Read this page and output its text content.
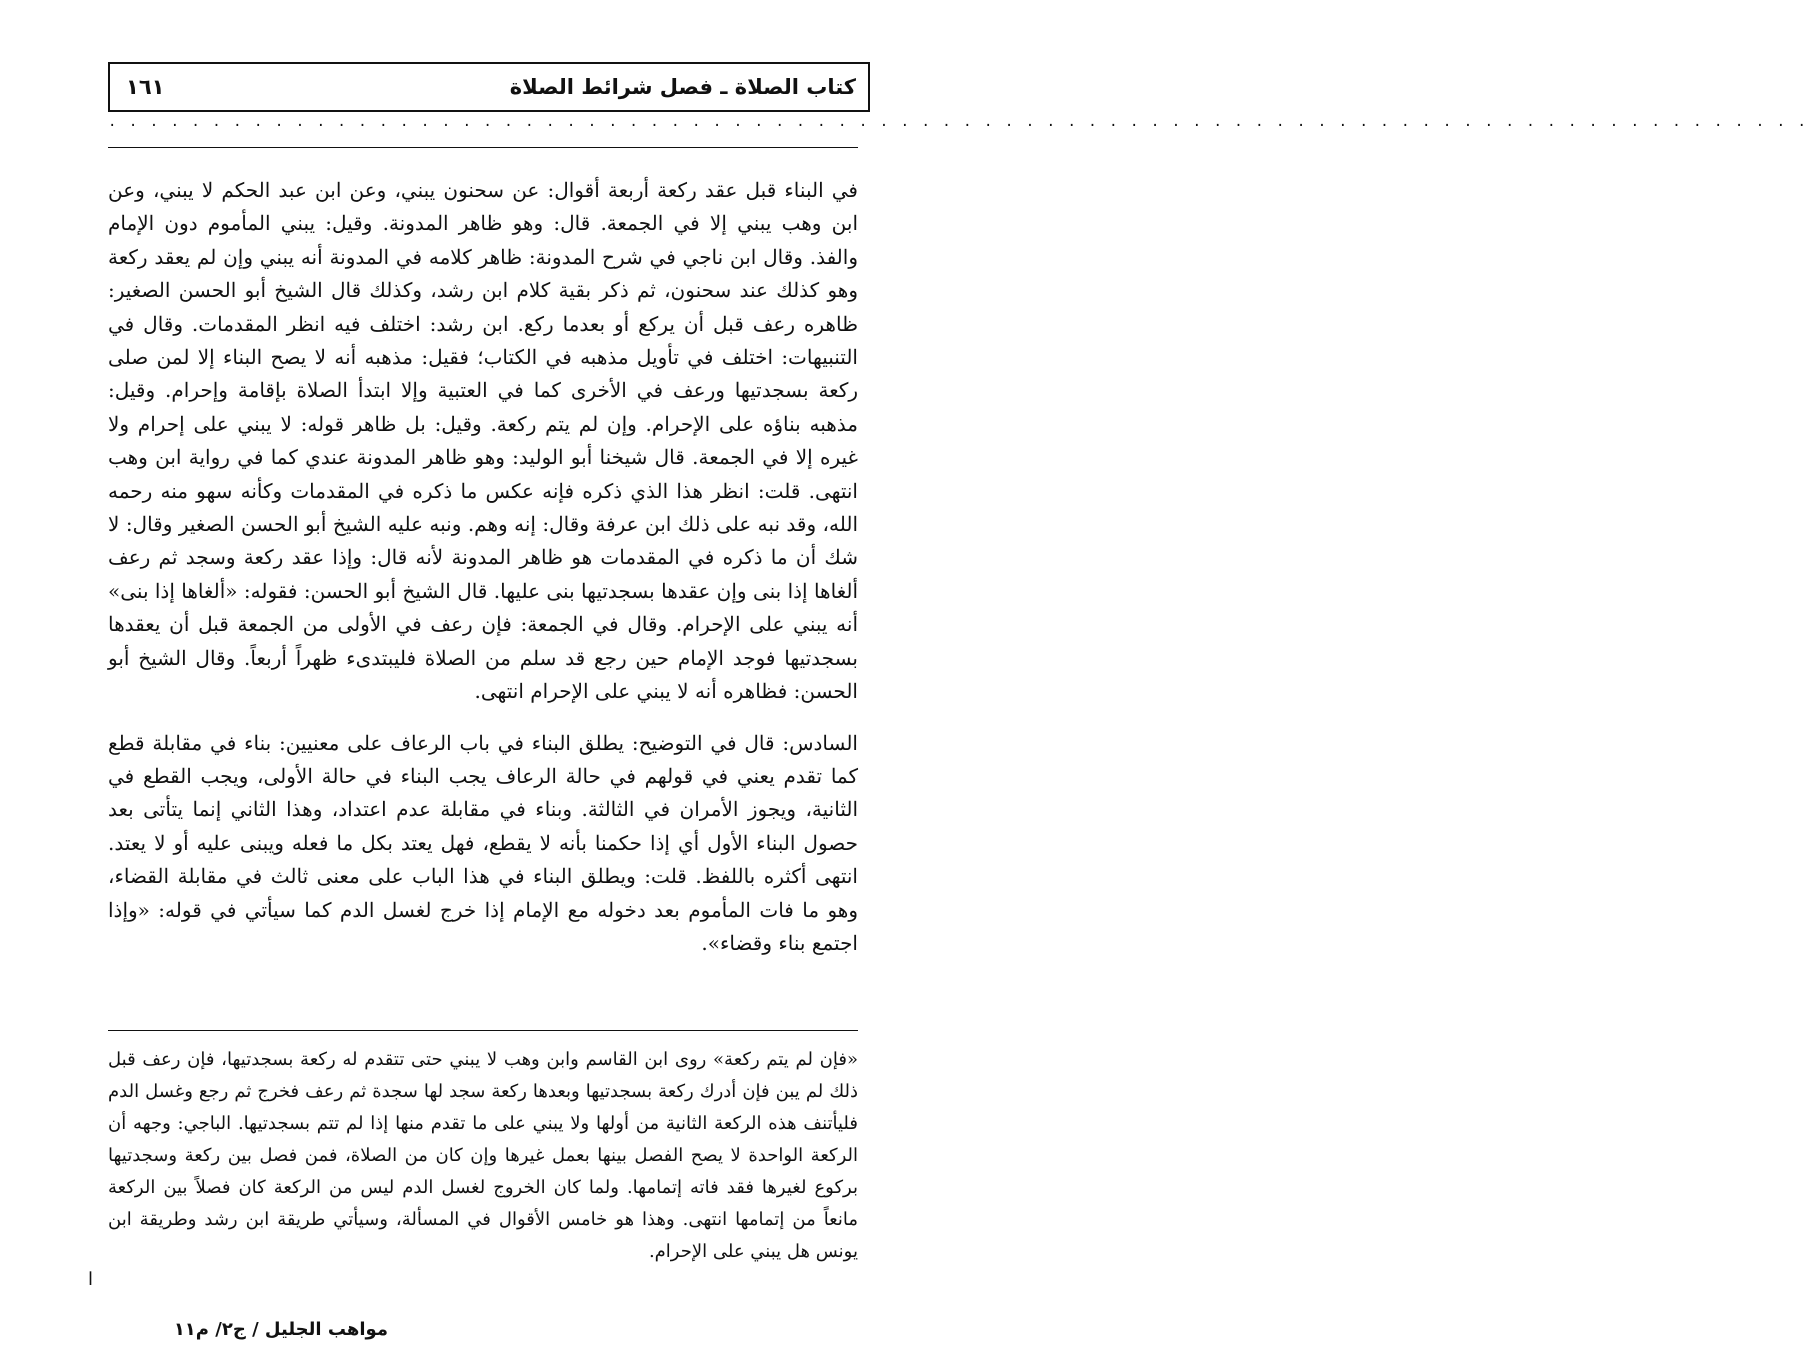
كتاب الصلاة ـ فصل شرائط الصلاة
١٦١
· · · · · · · · · · · · · · · · · · · · · · · · · · · · · · · · · · · · · · · · · · · · · · · · · · · · · · · · · · · · · · · · · · · · · · · · · · · · · · · · · ·

في البناء قبل عقد ركعة أربعة أقوال: عن سحنون يبني، وعن ابن عبد الحكم لا يبني، وعن ابن وهب يبني إلا في الجمعة. قال: وهو ظاهر المدونة. وقيل: يبني المأموم دون الإمام والفذ. وقال ابن ناجي في شرح المدونة: ظاهر كلامه في المدونة أنه يبني وإن لم يعقد ركعة وهو كذلك عند سحنون، ثم ذكر بقية كلام ابن رشد، وكذلك قال الشيخ أبو الحسن الصغير: ظاهره رعف قبل أن يركع أو بعدما ركع. ابن رشد: اختلف فيه انظر المقدمات. وقال في التنبيهات: اختلف في تأويل مذهبه في الكتاب؛ فقيل: مذهبه أنه لا يصح البناء إلا لمن صلى ركعة بسجدتيها ورعف في الأخرى كما في العتبية وإلا ابتدأ الصلاة بإقامة وإحرام. وقيل: مذهبه بناؤه على الإحرام. وإن لم يتم ركعة. وقيل: بل ظاهر قوله: لا يبني على إحرام ولا غيره إلا في الجمعة. قال شيخنا أبو الوليد: وهو ظاهر المدونة عندي كما في رواية ابن وهب انتهى. قلت: انظر هذا الذي ذكره فإنه عكس ما ذكره في المقدمات وكأنه سهو منه رحمه الله، وقد نبه على ذلك ابن عرفة وقال: إنه وهم. ونبه عليه الشيخ أبو الحسن الصغير وقال: لا شك أن ما ذكره في المقدمات هو ظاهر المدونة لأنه قال: وإذا عقد ركعة وسجد ثم رعف ألغاها إذا بنى وإن عقدها بسجدتيها بنى عليها. قال الشيخ أبو الحسن: فقوله: «ألغاها إذا بنى» أنه يبني على الإحرام. وقال في الجمعة: فإن رعف في الأولى من الجمعة قبل أن يعقدها بسجدتيها فوجد الإمام حين رجع قد سلم من الصلاة فليبتدىء ظهراً أربعاً. وقال الشيخ أبو الحسن: فظاهره أنه لا يبني على الإحرام انتهى.

السادس: قال في التوضيح: يطلق البناء في باب الرعاف على معنيين: بناء في مقابلة قطع كما تقدم يعني في قولهم في حالة الرعاف يجب البناء في حالة الأولى، ويجب القطع في الثانية، ويجوز الأمران في الثالثة. وبناء في مقابلة عدم اعتداد، وهذا الثاني إنما يتأتى بعد حصول البناء الأول أي إذا حكمنا بأنه لا يقطع، فهل يعتد بكل ما فعله ويبنى عليه أو لا يعتد. انتهى أكثره باللفظ. قلت: ويطلق البناء في هذا الباب على معنى ثالث في مقابلة القضاء، وهو ما فات المأموم بعد دخوله مع الإمام إذا خرج لغسل الدم كما سيأتي في قوله: «وإذا اجتمع بناء وقضاء».

«فإن لم يتم ركعة» روى ابن القاسم وابن وهب لا يبني حتى تتقدم له ركعة بسجدتيها، فإن رعف قبل ذلك لم يبن فإن أدرك ركعة بسجدتيها وبعدها ركعة سجد لها سجدة ثم رعف فخرج ثم رجع وغسل الدم فليأتنف هذه الركعة الثانية من أولها ولا يبني على ما تقدم منها إذا لم تتم بسجدتيها. الباجي: وجهه أن الركعة الواحدة لا يصح الفصل بينها بعمل غيرها وإن كان من الصلاة، فمن فصل بين ركعة وسجدتيها بركوع لغيرها فقد فاته إتمامها. ولما كان الخروج لغسل الدم ليس من الركعة كان فصلاً بين الركعة مانعاً من إتمامها انتهى. وهذا هو خامس الأقوال في المسألة، وسيأتي طريقة ابن رشد وطريقة ابن يونس هل يبني على الإحرام.
ا
مواهب الجليل / ج٢/ م١١
